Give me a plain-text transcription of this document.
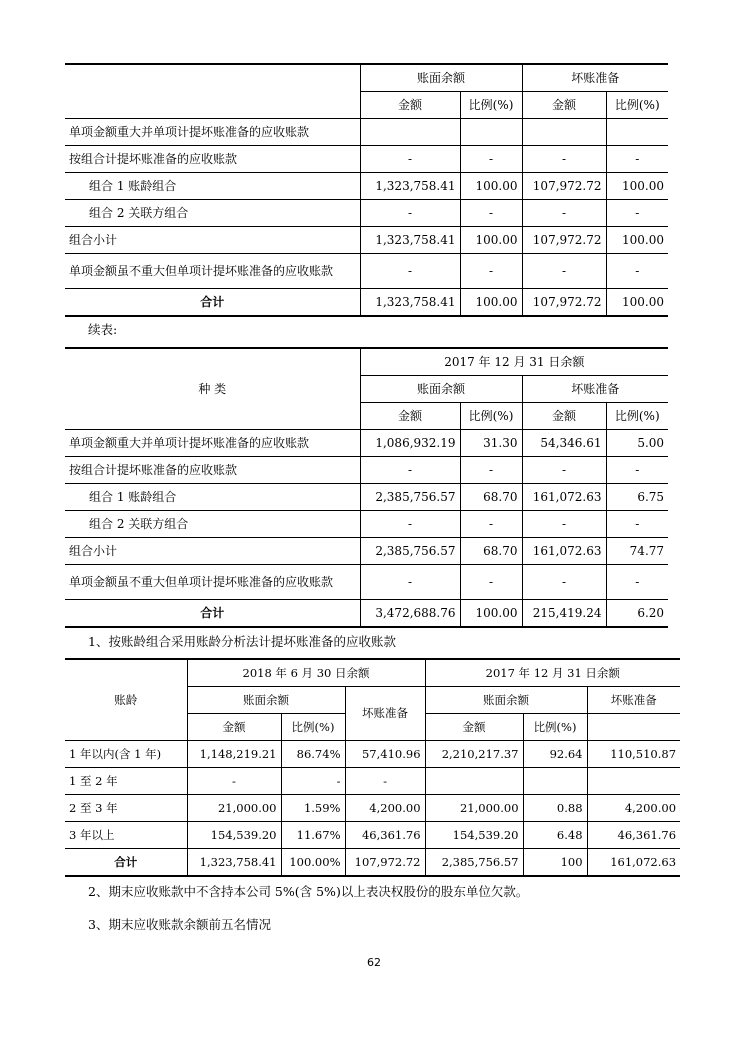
	账面余额		坏账准备	
	金额	比例(%)	金额	比例(%)
单项金额重大并单项计提坏账准备的应收账款				
按组合计提坏账准备的应收账款	-	-	-	-
组合 1 账龄组合	1,323,758.41	100.00	107,972.72	100.00
组合 2 关联方组合	-	-	-	-
组合小计	1,323,758.41	100.00	107,972.72	100.00
单项金额虽不重大但单项计提坏账准备的应收账款	-	-	-	-
合计	1,323,758.41	100.00	107,972.72	100.00
续表:
种 类	2017 年 12 月 31 日余额			
	账面余额		坏账准备	
	金额	比例(%)	金额	比例(%)
单项金额重大并单项计提坏账准备的应收账款	1,086,932.19	31.30	54,346.61	5.00
按组合计提坏账准备的应收账款	-	-	-	-
组合 1 账龄组合	2,385,756.57	68.70	161,072.63	6.75
组合 2 关联方组合	-	-	-	-
组合小计	2,385,756.57	68.70	161,072.63	74.77
单项金额虽不重大但单项计提坏账准备的应收账款	-	-	-	-
合计	3,472,688.76	100.00	215,419.24	6.20
1、按账龄组合采用账龄分析法计提坏账准备的应收账款
账龄	2018 年 6 月 30 日余额			2017 年 12 月 31 日余额		
	账面余额		坏账准备	账面余额		坏账准备
	金额	比例(%)		金额	比例(%)	
1 年以内(含 1 年)	1,148,219.21	86.74%	57,410.96	2,210,217.37	92.64	110,510.87
1 至 2 年	-	-	-			
2 至 3 年	21,000.00	1.59%	4,200.00	21,000.00	0.88	4,200.00
3 年以上	154,539.20	11.67%	46,361.76	154,539.20	6.48	46,361.76
合计	1,323,758.41	100.00%	107,972.72	2,385,756.57	100	161,072.63
2、期末应收账款中不含持本公司 5%(含 5%)以上表决权股份的股东单位欠款。
3、期末应收账款余额前五名情况
62
